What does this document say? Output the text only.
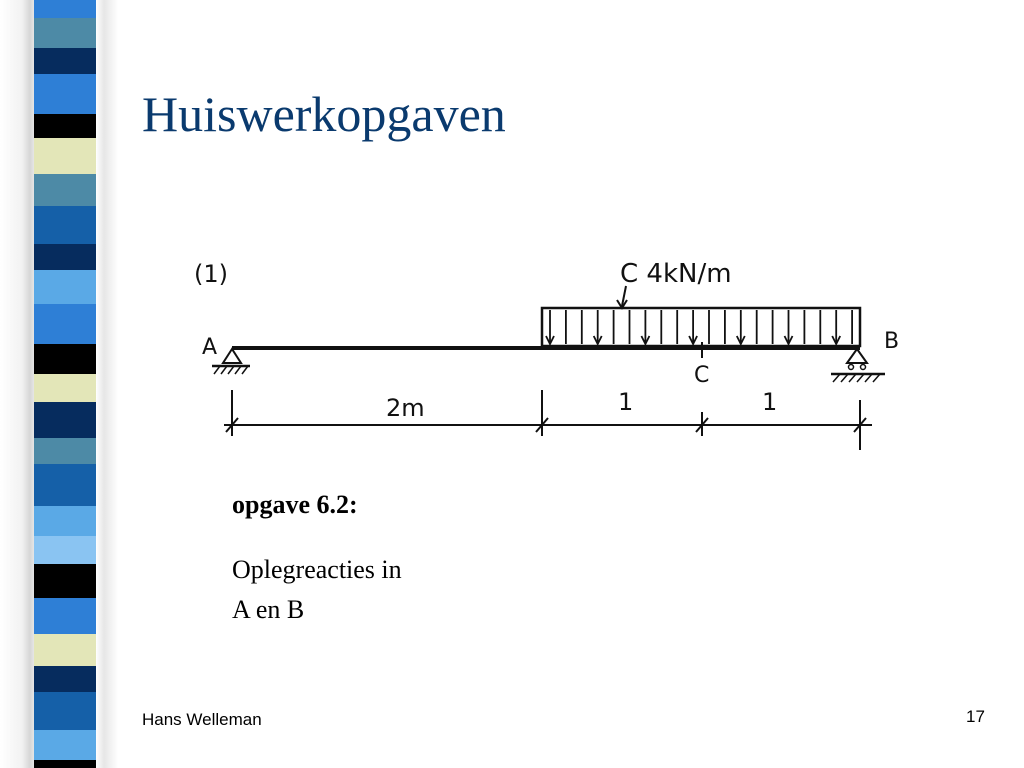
Huiswerkopgaven
(1)	C 4kN/m
A	B
C
2m	1	1
opgave 6.2:
Oplegreacties in
A en B
Hans Welleman	17
